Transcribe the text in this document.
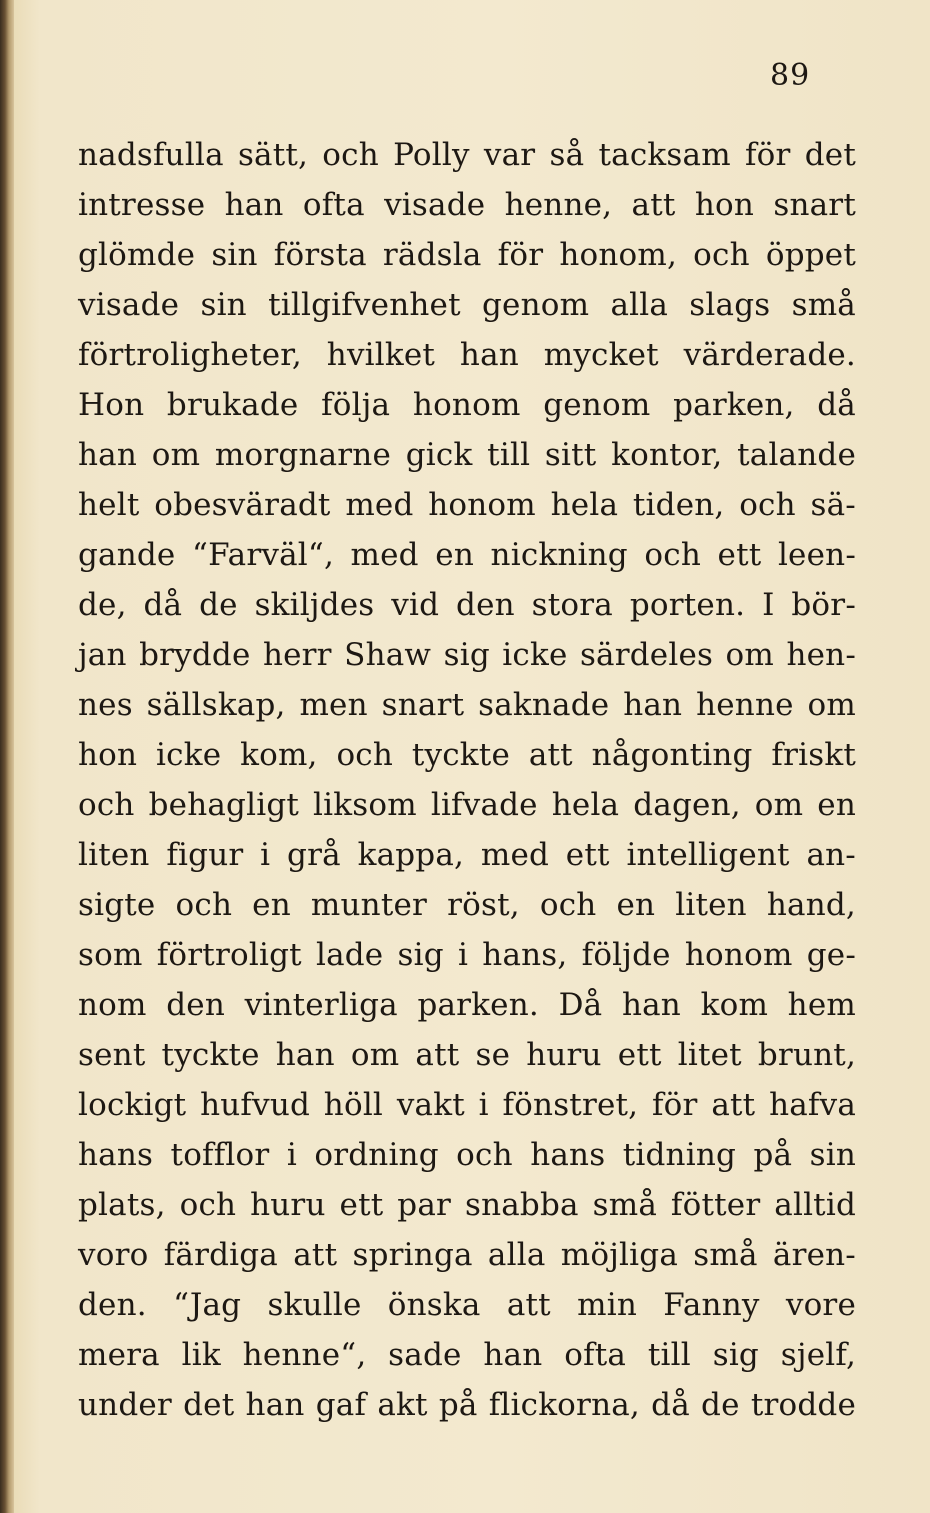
89
nadsfulla sätt, och Polly var så tacksam för det
intresse han ofta visade henne, att hon snart
glömde sin första rädsla för honom, och öppet
visade sin tillgifvenhet genom alla slags små
förtroligheter, hvilket han mycket värderade.
Hon brukade följa honom genom parken, då
han om morgnarne gick till sitt kontor, talande
helt obesväradt med honom hela tiden, och sä-
gande “Farväl“, med en nickning och ett leen-
de, då de skiljdes vid den stora porten. I bör-
jan brydde herr Shaw sig icke särdeles om hen-
nes sällskap, men snart saknade han henne om
hon icke kom, och tyckte att någonting friskt
och behagligt liksom lifvade hela dagen, om en
liten figur i grå kappa, med ett intelligent an-
sigte och en munter röst, och en liten hand,
som förtroligt lade sig i hans, följde honom ge-
nom den vinterliga parken. Då han kom hem
sent tyckte han om att se huru ett litet brunt,
lockigt hufvud höll vakt i fönstret, för att hafva
hans tofflor i ordning och hans tidning på sin
plats, och huru ett par snabba små fötter alltid
voro färdiga att springa alla möjliga små ären-
den. “Jag skulle önska att min Fanny vore
mera lik henne“, sade han ofta till sig sjelf,
under det han gaf akt på flickorna, då de trodde
